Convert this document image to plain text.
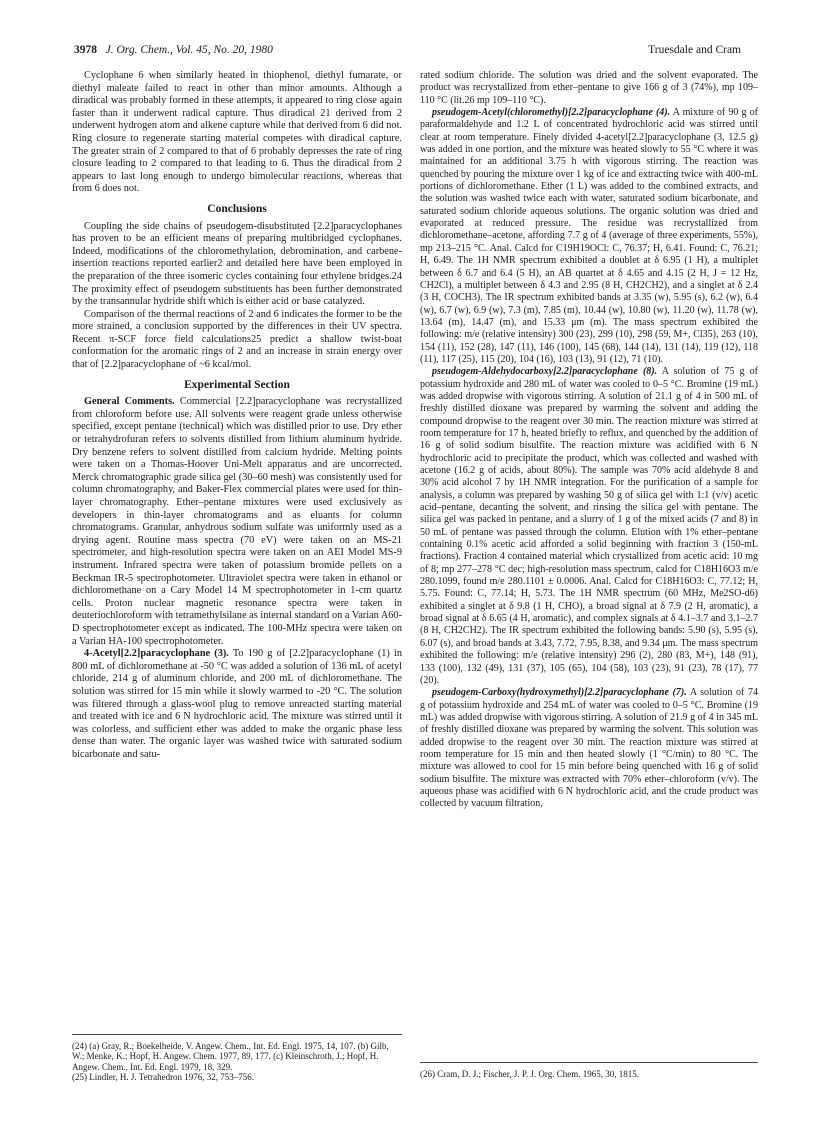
3978 J. Org. Chem., Vol. 45, No. 20, 1980	Truesdale and Cram

Cyclophane 6 when similarly heated in thiophenol, diethyl fumarate, or diethyl maleate failed to react in other than minor amounts. Although a diradical was probably formed in these attempts, it appeared to ring close again faster than it underwent radical capture. Thus diradical 21 derived from 2 underwent hydrogen atom and alkene capture while that derived from 6 did not. Ring closure to regenerate starting material competes with diradical capture. The greater strain of 2 compared to that of 6 probably depresses the rate of ring closure leading to 2 compared to that leading to 6. Thus the diradical from 2 appears to last long enough to undergo bimolecular reactions, whereas that from 6 does not.

Conclusions

Coupling the side chains of pseudogem-disubstituted [2.2]paracyclophanes has proven to be an efficient means of preparing multibridged cyclophanes. Indeed, modifications of the chloromethylation, debromination, and carbene-insertion reactions reported earlier2 and detailed here have been employed in the preparation of the three isomeric cycles containing four ethylene bridges.24 The proximity effect of pseudogem substituents has been further demonstrated by the transannular hydride shift which is either acid or base catalyzed.

Comparison of the thermal reactions of 2 and 6 indicates the former to be the more strained, a conclusion supported by the differences in their UV spectra. Recent π-SCF force field calculations25 predict a shallow twist-boat conformation for the aromatic rings of 2 and an increase in strain energy over that of [2.2]paracyclophane of ~6 kcal/mol.

Experimental Section

General Comments. Commercial [2.2]paracyclophane was recrystallized from chloroform before use. All solvents were reagent grade unless otherwise specified, except pentane (technical) which was distilled prior to use. Dry ether or tetrahydrofuran refers to solvents distilled from lithium aluminum hydride. Dry benzene refers to solvent distilled from calcium hydride. Melting points were taken on a Thomas-Hoover Uni-Melt apparatus and are uncorrected. Merck chromatographic grade silica gel (30–60 mesh) was consistently used for column chromatography, and Baker-Flex commercial plates were used for thin-layer chromatography. Ether–pentane mixtures were used exclusively as developers in thin-layer chromatograms and as eluants for column chromatograms. Granular, anhydrous sodium sulfate was uniformly used as a drying agent. Routine mass spectra (70 eV) were taken on an MS-21 spectrometer, and high-resolution spectra were taken on an AEI Model MS-9 instrument. Infrared spectra were taken of potassium bromide pellets on a Beckman IR-5 spectrophotometer. Ultraviolet spectra were taken in ethanol or dichloromethane on a Cary Model 14 M spectrophotometer in 1-cm quartz cells. Proton nuclear magnetic resonance spectra were taken in deuteriochloroform with tetramethylsilane as internal standard on a Varian A60-D spectrophotometer except as indicated. The 100-MHz spectra were taken on a Varian HA-100 spectrophotometer.

4-Acetyl[2.2]paracyclophane (3). To 190 g of [2.2]paracyclophane (1) in 800 mL of dichloromethane at -50 °C was added a solution of 136 mL of acetyl chloride, 214 g of aluminum chloride, and 200 mL of dichloromethane. The solution was stirred for 15 min while it slowly warmed to -20 °C. The solution was filtered through a glass-wool plug to remove unreacted starting material and treated with ice and 6 N hydrochloric acid. The mixture was stirred until it was colorless, and sufficient ether was added to make the organic phase less dense than water. The organic layer was washed twice with saturated sodium bicarbonate and satu-

rated sodium chloride. The solution was dried and the solvent evaporated. The product was recrystallized from ether–pentane to give 166 g of 3 (74%), mp 109–110 °C (lit.26 mp 109–110 °C).

pseudogem-Acetyl(chloromethyl)[2.2]paracyclophane (4). A mixture of 90 g of paraformaldehyde and 1.2 L of concentrated hydrochloric acid was stirred until clear at room temperature. Finely divided 4-acetyl[2.2]paracyclophane (3, 12.5 g) was added in one portion, and the mixture was heated slowly to 55 °C where it was maintained for an additional 3.75 h with vigorous stirring. The reaction was quenched by pouring the mixture over 1 kg of ice and extracting twice with 400-mL portions of dichloromethane. Ether (1 L) was added to the combined extracts, and the solution was washed twice each with water, saturated sodium bicarbonate, and saturated sodium chloride aqueous solutions. The organic solution was dried and evaporated at reduced pressure. The residue was recrystallized from dichloromethane–acetone, affording 7.7 g of 4 (average of three experiments, 55%), mp 213–215 °C. Anal. Calcd for C19H19OCl: C, 76.37; H, 6.41. Found: C, 76.21; H, 6.49. The 1H NMR spectrum exhibited a doublet at δ 6.95 (1 H), a multiplet between δ 6.7 and 6.4 (5 H), an AB quartet at δ 4.65 and 4.15 (2 H, J = 12 Hz, CH2Cl), a multiplet between δ 4.3 and 2.95 (8 H, CH2CH2), and a singlet at δ 2.4 (3 H, COCH3). The IR spectrum exhibited bands at 3.35 (w), 5.95 (s), 6.2 (w), 6.4 (w), 6.7 (w), 6.9 (w), 7.3 (m), 7.85 (m), 10.44 (w), 10.80 (w), 11.20 (w), 11.78 (w), 13.64 (m), 14.47 (m), and 15.33 μm (m). The mass spectrum exhibited the following: m/e (relative intensity) 300 (23), 299 (10), 298 (59, M+, Cl35), 263 (10), 154 (11), 152 (28), 147 (11), 146 (100), 145 (68), 144 (14), 131 (14), 119 (12), 118 (11), 117 (25), 115 (20), 104 (16), 103 (13), 91 (12), 71 (10).

pseudogem-Aldehydocarboxy[2.2]paracyclophane (8). A solution of 75 g of potassium hydroxide and 280 mL of water was cooled to 0–5 °C. Bromine (19 mL) was added dropwise with vigorous stirring. A solution of 21.1 g of 4 in 500 mL of freshly distilled dioxane was prepared by warming the solvent and adding the compound dropwise to the reagent over 30 min. The reaction mixture was stirred at room temperature for 17 h, heated briefly to reflux, and quenched by the addition of 16 g of solid sodium bisulfite. The reaction mixture was acidified with 6 N hydrochloric acid to precipitate the product, which was collected and washed with acetone (16.2 g of acids, about 80%). The sample was 70% acid aldehyde 8 and 30% acid alcohol 7 by 1H NMR integration. For the purification of a sample for analysis, a column was prepared by washing 50 g of silica gel with 1:1 (v/v) acetic acid–pentane, decanting the solvent, and rinsing the silica gel with pentane. The silica gel was packed in pentane, and a slurry of 1 g of the mixed acids (7 and 8) in 50 mL of pentane was passed through the column. Elution with 1% ether–pentane containing 0.1% acetic acid afforded a solid beginning with fraction 3 (150-mL fractions). Fraction 4 contained material which crystallized from acetic acid: 10 mg of 8; mp 277–278 °C dec; high-resolution mass spectrum, calcd for C18H16O3 m/e 280.1099, found m/e 280.1101 ± 0.0006. Anal. Calcd for C18H16O3: C, 77.12; H, 5.75. Found: C, 77.14; H, 5.73. The 1H NMR spectrum (60 MHz, Me2SO-d6) exhibited a singlet at δ 9.8 (1 H, CHO), a broad signal at δ 7.9 (2 H, aromatic), a broad signal at δ 6.65 (4 H, aromatic), and complex signals at δ 4.1–3.7 and 3.1–2.7 (8 H, CH2CH2). The IR spectrum exhibited the following bands: 5.90 (s), 5.95 (s), 6.07 (s), and broad bands at 3.43, 7.72, 7.95, 8.38, and 9.34 μm. The mass spectrum exhibited the following: m/e (relative intensity) 296 (2), 280 (83, M+), 148 (91), 133 (100), 132 (49), 131 (37), 105 (65), 104 (58), 103 (23), 91 (23), 78 (17), 77 (20).

pseudogem-Carboxy(hydroxymethyl)[2.2]paracyclophane (7). A solution of 74 g of potassium hydroxide and 254 mL of water was cooled to 0–5 °C. Bromine (19 mL) was added dropwise with vigorous stirring. A solution of 21.9 g of 4 in 345 mL of freshly distilled dioxane was prepared by warming the solvent. This solution was added dropwise to the reagent over 30 min. The reaction mixture was stirred at room temperature for 15 min and then heated slowly (1 °C/min) to 80 °C. The mixture was allowed to cool for 15 min before being quenched with 16 g of solid sodium bisulfite. The mixture was extracted with 70% ether–chloroform (v/v). The aqueous phase was acidified with 6 N hydrochloric acid, and the crude product was collected by vacuum filtration,

(24) (a) Gray, R.; Boekelheide, V. Angew. Chem., Int. Ed. Engl. 1975, 14, 107. (b) Gilb, W.; Menke, K.; Hopf, H. Angew. Chem. 1977, 89, 177. (c) Kleinschroth, J.; Hopf, H. Angew. Chem., Int. Ed. Engl. 1979, 18, 329.

(25) Lindler, H. J. Tetrahedron 1976, 32, 753–756.	(26) Cram, D. J.; Fischer, J. P. J. Org. Chem. 1965, 30, 1815.
